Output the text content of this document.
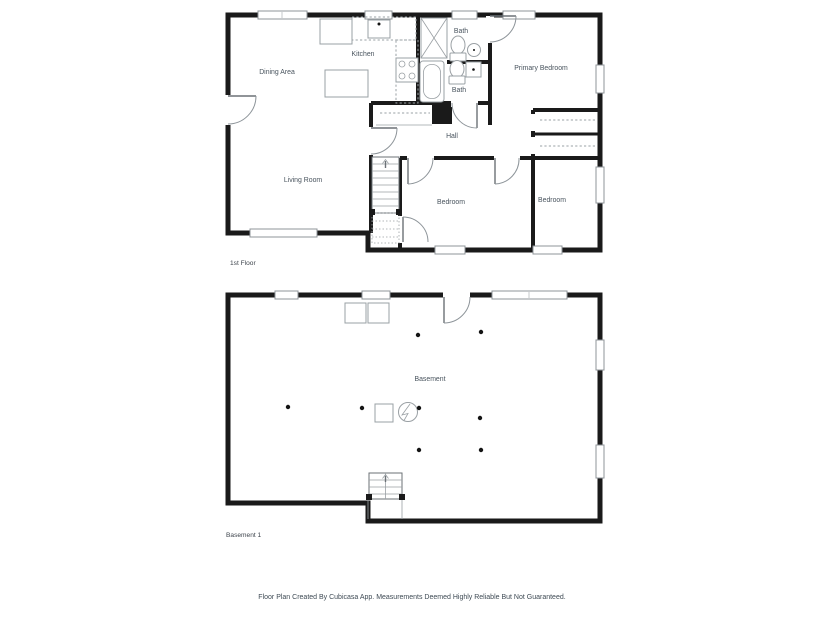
Dining Area
Kitchen
Bath
Primary Bedroom
Bath
Hall
Living Room
Bedroom	Bedroom
1st Floor
Basement
Basement 1
Floor Plan Created By Cubicasa App. Measurements Deemed Highly Reliable But Not Guaranteed.
